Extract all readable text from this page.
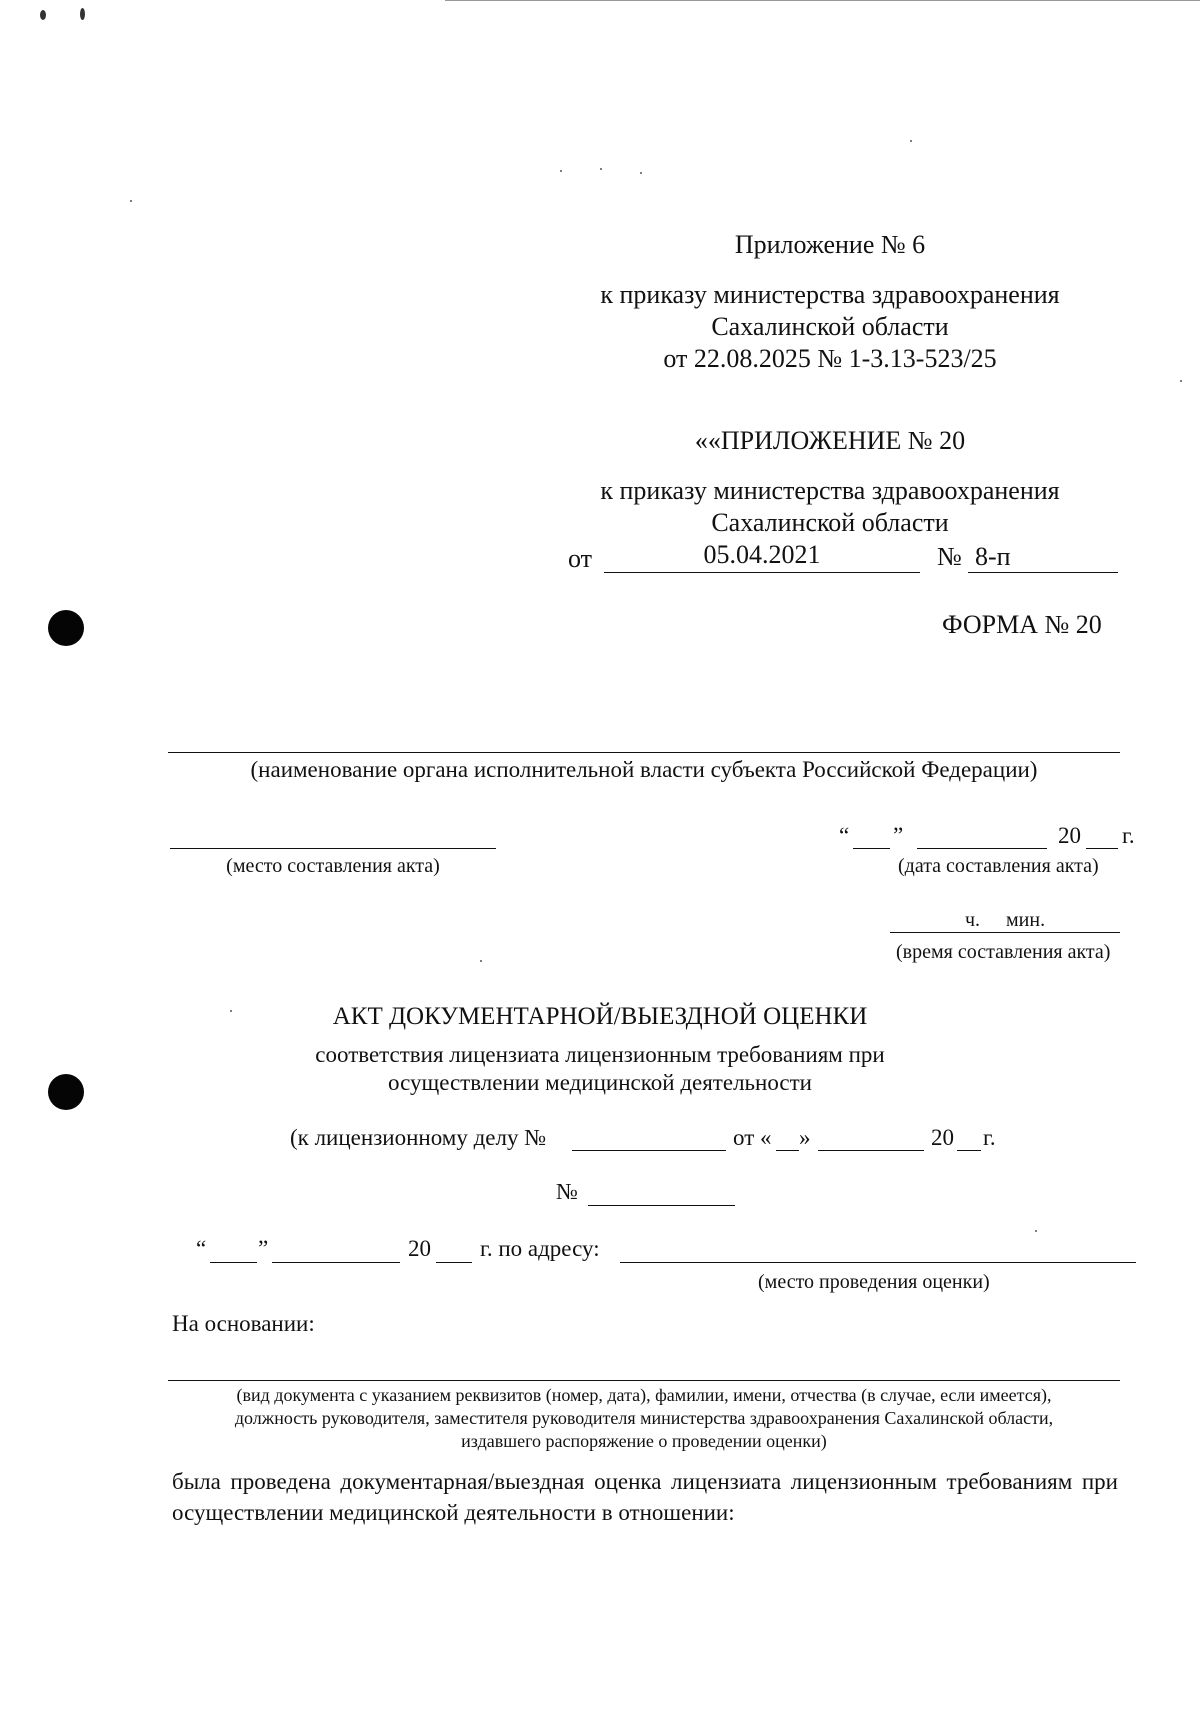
Приложение № 6
к приказу министерства здравоохранения
Сахалинской области
от 22.08.2025 № 1-3.13-523/25
««ПРИЛОЖЕНИЕ № 20
к приказу министерства здравоохранения
Сахалинской области
от	05.04.2021	№ 8-п
ФОРМА № 20
(наименование органа исполнительной власти субъекта Российской Федерации)
(место составления акта)
“ ”	20 г.
(дата составления акта)
ч. мин.
(время составления акта)
АКТ ДОКУМЕНТАРНОЙ/ВЫЕЗДНОЙ ОЦЕНКИ
соответствия лицензиата лицензионным требованиям при
осуществлении медицинской деятельности
(к лицензионному делу №	от « »	20 г.
№
“ ”	20 г. по адресу:
(место проведения оценки)
На основании:
(вид документа с указанием реквизитов (номер, дата), фамилии, имени, отчества (в случае, если имеется),
должность руководителя, заместителя руководителя министерства здравоохранения Сахалинской области,
издавшего распоряжение о проведении оценки)
была проведена документарная/выездная оценка лицензиата лицензионным требованиям при осуществлении медицинской деятельности в отношении:
